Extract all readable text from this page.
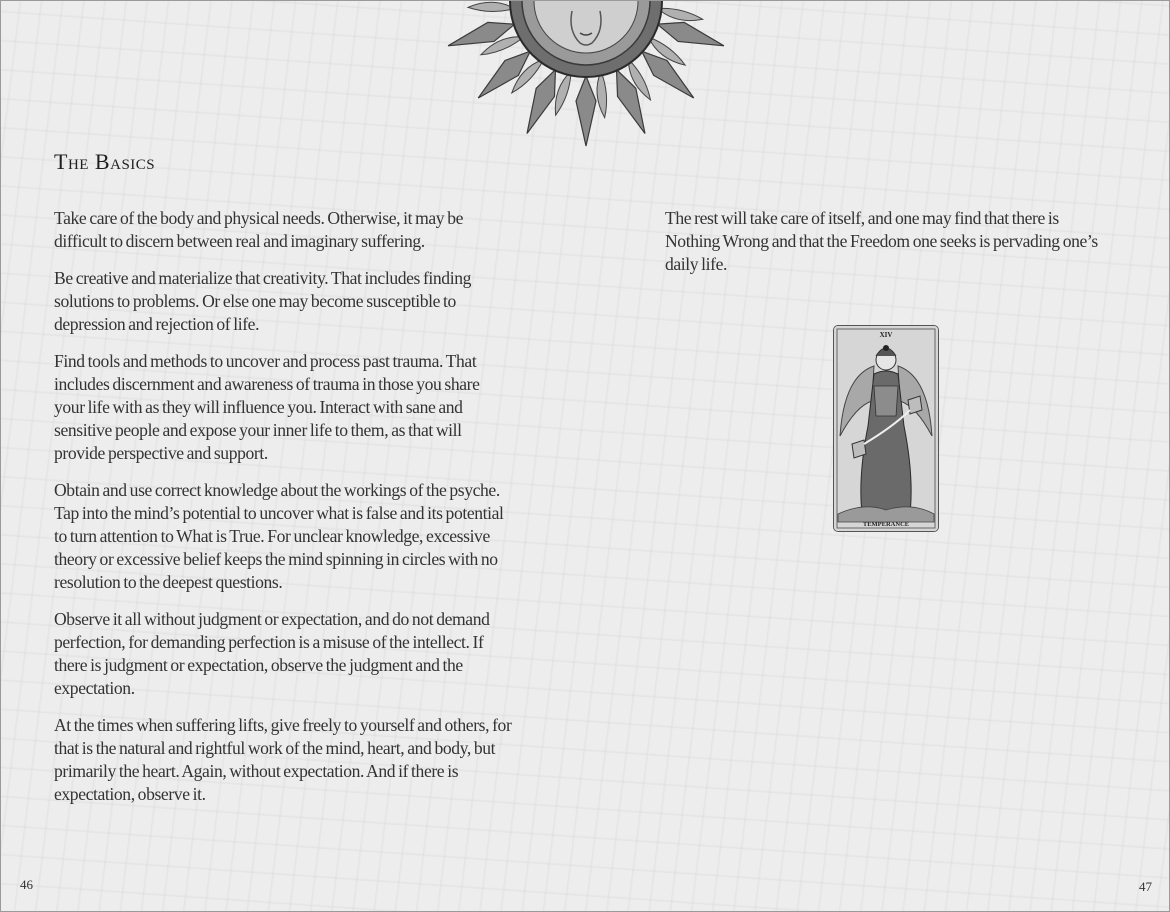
The Basics

Take care of the body and physical needs. Otherwise, it may be difficult to discern between real and imaginary suffering.

Be creative and materialize that creativity. That includes finding solutions to problems. Or else one may become susceptible to depression and rejection of life.

Find tools and methods to uncover and process past trauma. That includes discernment and awareness of trauma in those you share your life with as they will influence you. Interact with sane and sensitive people and expose your inner life to them, as that will provide perspective and support.

Obtain and use correct knowledge about the workings of the psyche. Tap into the mind’s potential to uncover what is false and its potential to turn attention to What is True. For unclear knowledge, excessive theory or excessive belief keeps the mind spinning in circles with no resolution to the deepest questions.

Observe it all without judgment or expectation, and do not demand perfection, for demanding perfection is a misuse of the intellect. If there is judgment or expectation, observe the judgment and the expectation.

At the times when suffering lifts, give freely to yourself and others, for that is the natural and rightful work of the mind, heart, and body, but primarily the heart. Again, without expectation. And if there is expectation, observe it.

The rest will take care of itself, and one may find that there is Nothing Wrong and that the Freedom one seeks is pervading one’s daily life.

XIV
TEMPERANCE
46	47
